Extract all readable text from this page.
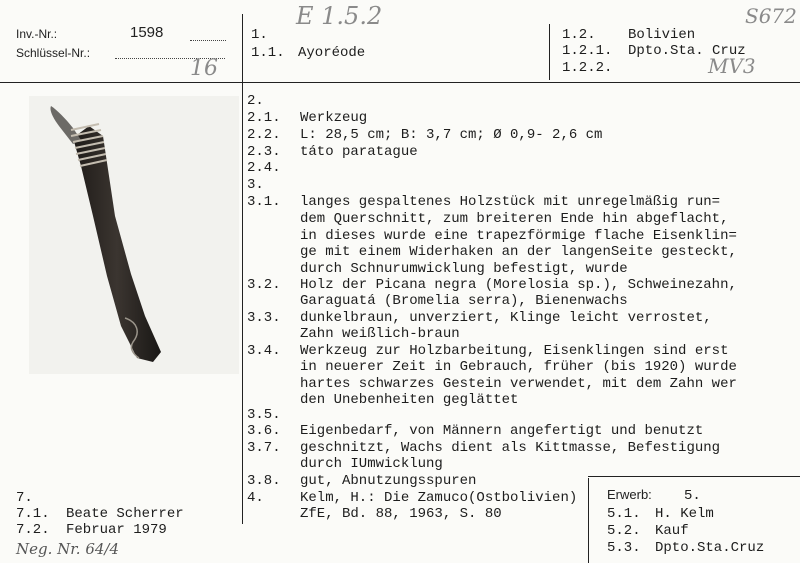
Inv.-Nr.:	1598
Schlüssel-Nr.:
16
1.
1.1. Ayoréode
E 1.5.2
1.2. Bolivien
1.2.1. Dpto.Sta. Cruz
1.2.2.
S672
MV3
2.
2.1. Werkzeug
2.2. L: 28,5 cm; B: 3,7 cm; Ø 0,9- 2,6 cm
2.3. táto paratague
2.4.
3.
3.1. langes gespaltenes Holzstück mit unregelmäßig run=
dem Querschnitt, zum breiteren Ende hin abgeflacht,
in dieses wurde eine trapezförmige flache Eisenklin=
ge mit einem Widerhaken an der langenSeite gesteckt,
durch Schnurumwicklung befestigt, wurde
3.2. Holz der Picana negra (Morelosia sp.), Schweinezahn,
Garaguatá (Bromelia serra), Bienenwachs
3.3. dunkelbraun, unverziert, Klinge leicht verrostet,
Zahn weißlich-braun
3.4. Werkzeug zur Holzbarbeitung, Eisenklingen sind erst
in neuerer Zeit in Gebrauch, früher (bis 1920) wurde
hartes schwarzes Gestein verwendet, mit dem Zahn wer
den Unebenheiten geglättet
3.5.
3.6. Eigenbedarf, von Männern angefertigt und benutzt
3.7. geschnitzt, Wachs dient als Kittmasse, Befestigung
durch IUmwicklung
3.8. gut, Abnutzungsspuren
4.	Kelm, H.: Die Zamuco(Ostbolivien)
ZfE, Bd. 88, 1963, S. 80
Erwerb: 5.
5.1. H. Kelm
5.2. Kauf
5.3. Dpto.Sta.Cruz
7.
7.1. Beate Scherrer
7.2. Februar 1979
Neg. Nr. 64/4
